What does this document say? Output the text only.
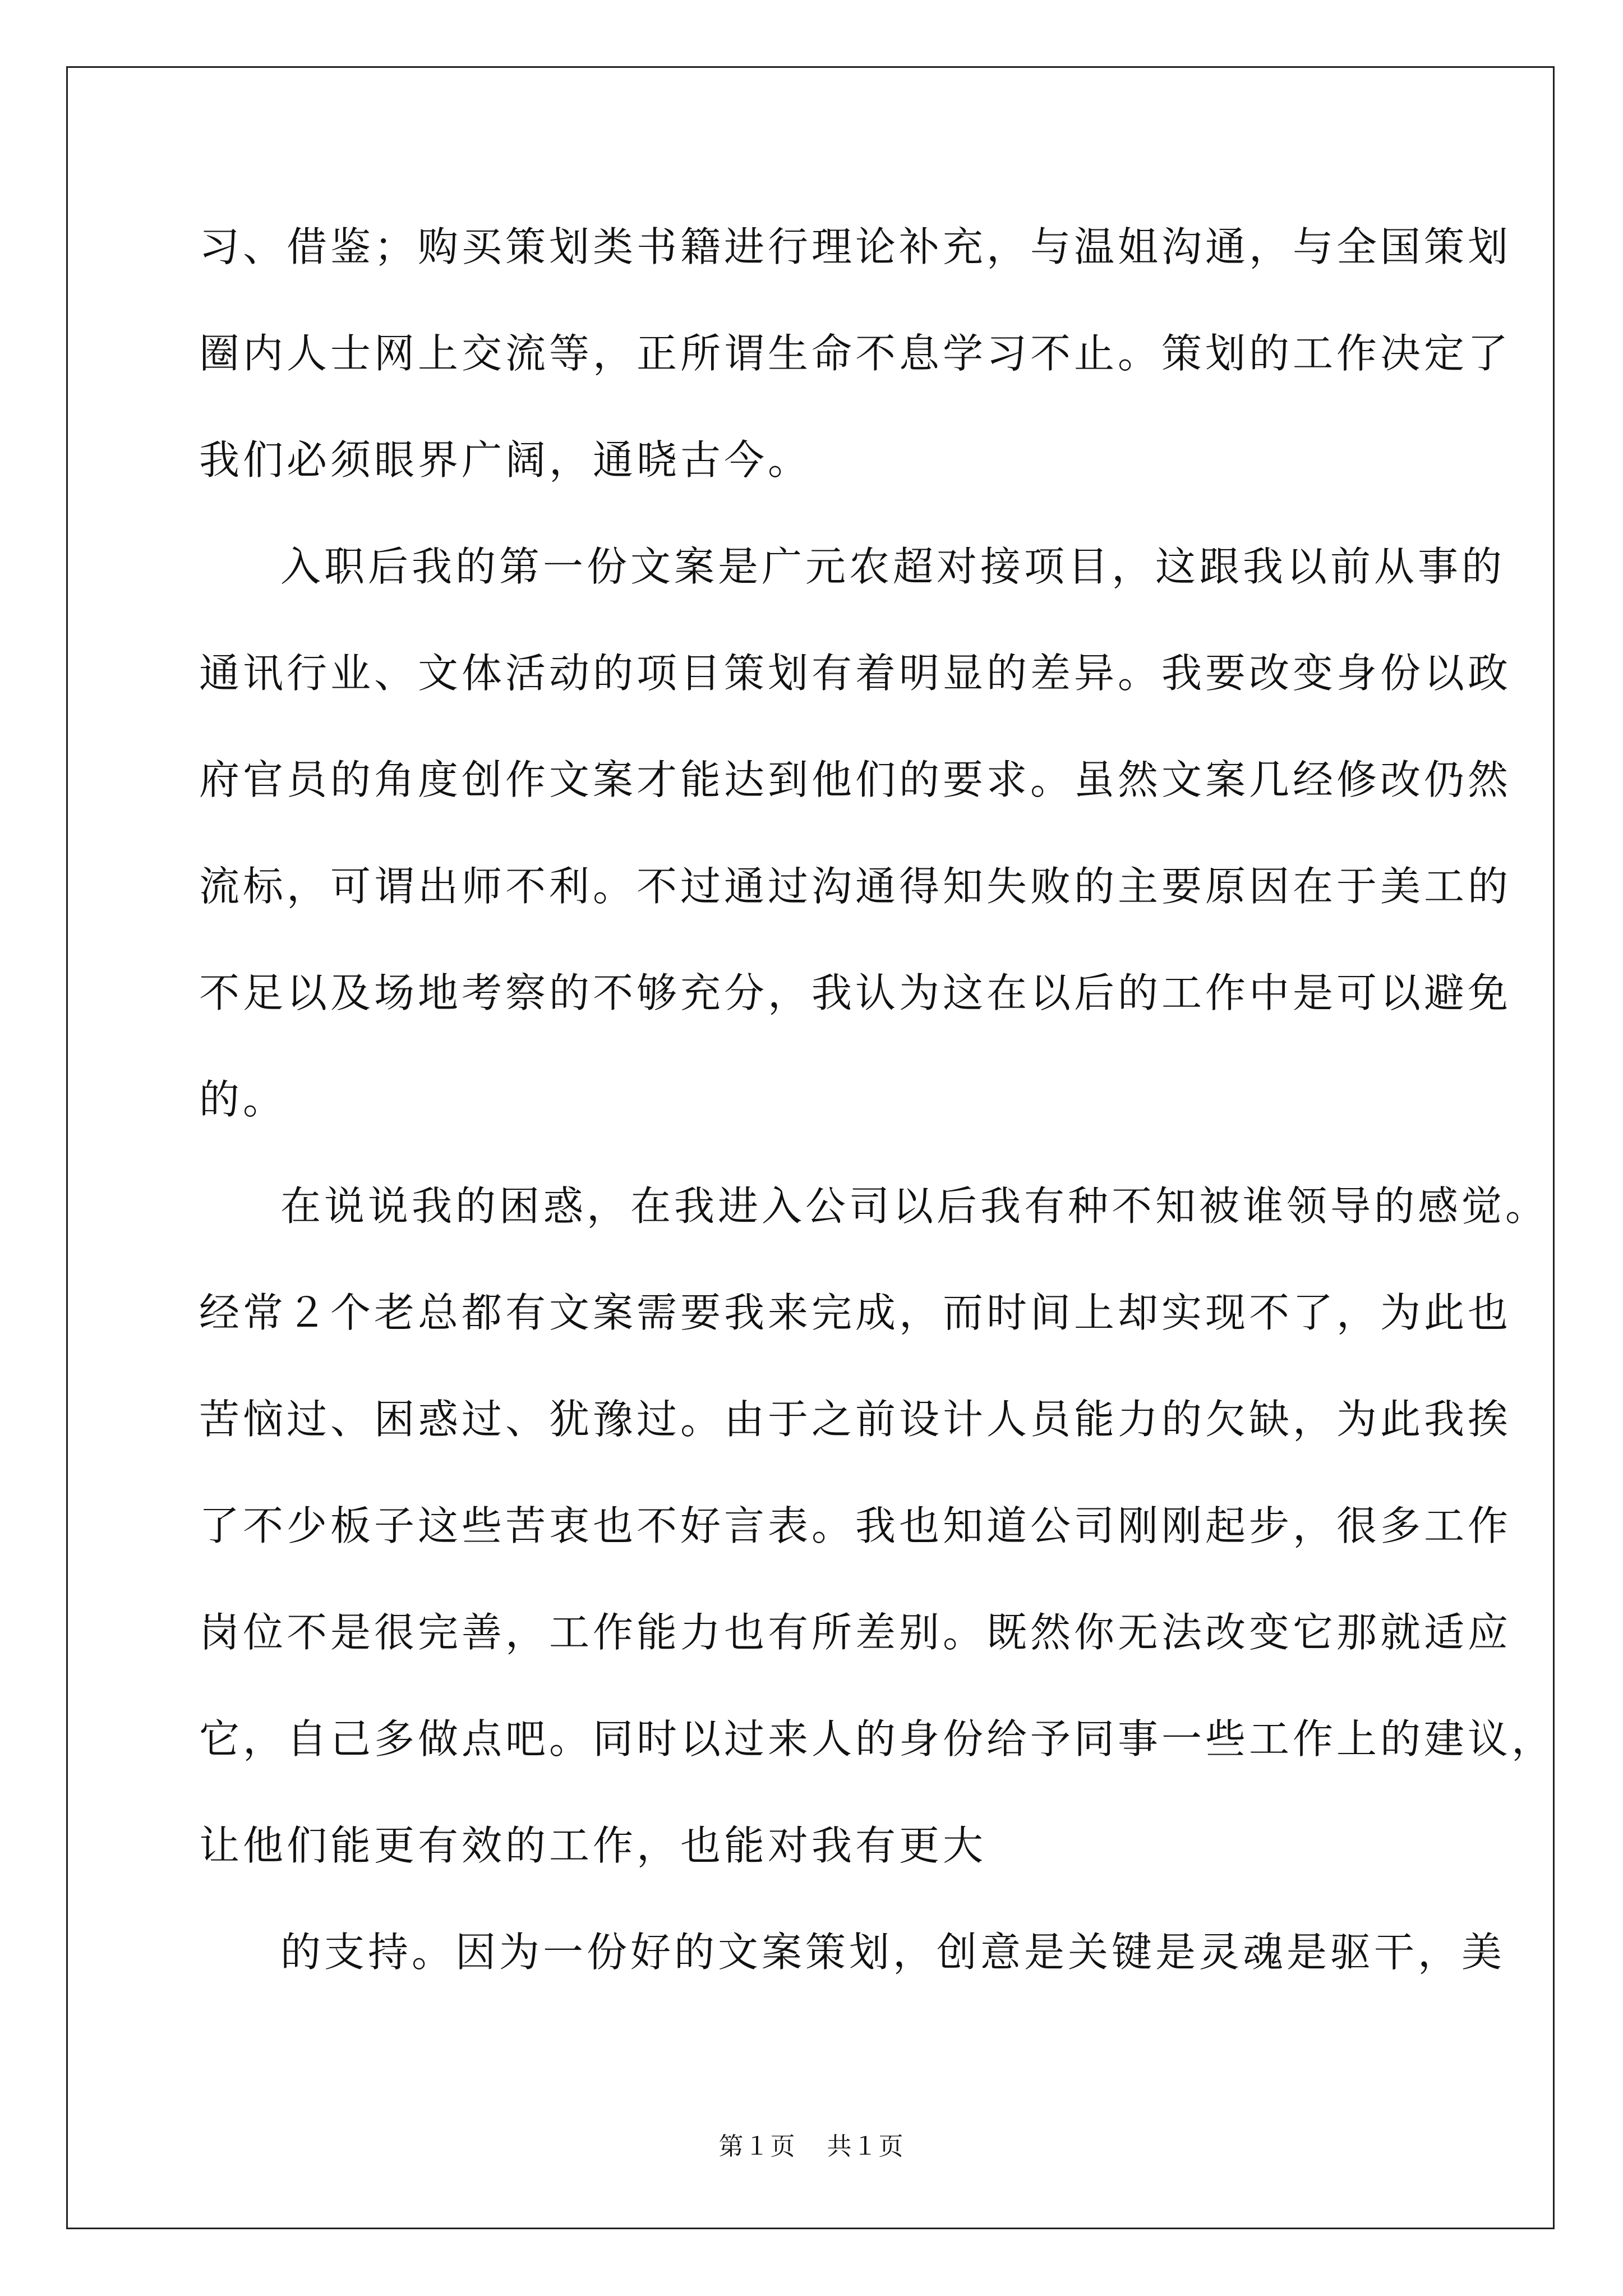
习、借鉴；购买策划类书籍进行理论补充，与温姐沟通，与全国策划
圈内人士网上交流等，正所谓生命不息学习不止。策划的工作决定了
我们必须眼界广阔，通晓古今。
入职后我的第一份文案是广元农超对接项目，这跟我以前从事的
通讯行业、文体活动的项目策划有着明显的差异。我要改变身份以政
府官员的角度创作文案才能达到他们的要求。虽然文案几经修改仍然
流标，可谓出师不利。不过通过沟通得知失败的主要原因在于美工的
不足以及场地考察的不够充分，我认为这在以后的工作中是可以避免
的。
在说说我的困惑，在我进入公司以后我有种不知被谁领导的感觉。
经常２个老总都有文案需要我来完成，而时间上却实现不了，为此也
苦恼过、困惑过、犹豫过。由于之前设计人员能力的欠缺，为此我挨
了不少板子这些苦衷也不好言表。我也知道公司刚刚起步，很多工作
岗位不是很完善，工作能力也有所差别。既然你无法改变它那就适应
它，自己多做点吧。同时以过来人的身份给予同事一些工作上的建议，
让他们能更有效的工作，也能对我有更大
的支持。因为一份好的文案策划，创意是关键是灵魂是驱干，美
第１页 共１页
